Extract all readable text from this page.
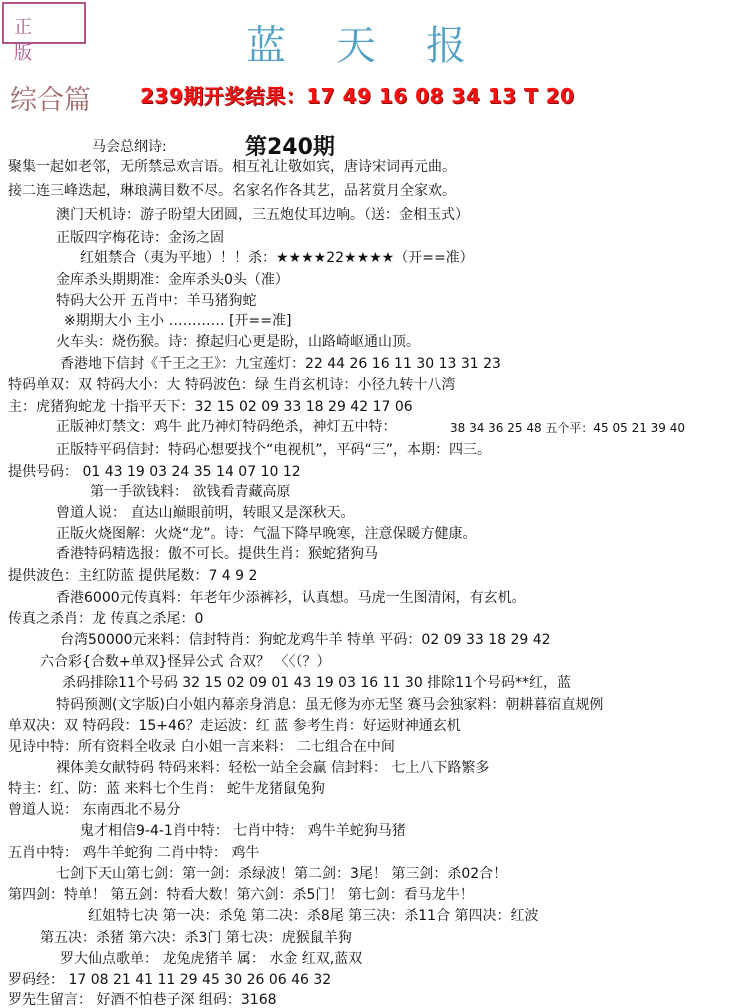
正 版	蓝天报
综合篇 239期开奖结果：17 49 16 08 34 13 T 20
第240期
马会总纲诗:
聚集一起如老邻，无所禁忌欢言语。相互礼让敬如宾，唐诗宋词再元曲。
接二连三峰迭起，琳琅满目数不尽。名家名作各其艺，品茗赏月全家欢。
澳门天机诗：游子盼望大团圆，三五炮仗耳边响。（送：金相玉式）
正版四字梅花诗：金汤之固
红姐禁合（夷为平地）！！杀：★★★★22★★★★（开==准）
金库杀头期期准：金库杀头0头（准）
特码大公开 五肖中：羊马猪狗蛇
※期期大小 主小 ………… [开==准]
火车头：烧伤猴。诗：撩起归心更是盼，山路崎岖通山顶。
香港地下信封《千王之王》：九宝莲灯：22 44 26 16 11 30 13 31 23
特码单双：双 特码大小：大 特码波色：绿 生肖玄机诗：小径九转十八湾
主：虎猪狗蛇龙 十指平天下：32 15 02 09 33 18 29 42 17 06
正版神灯禁文：鸡牛 此乃神灯特码绝杀，神灯五中特：	38 34 36 25 48 五个平：45 05 21 39 40
正版特平码信封：特码心想要找个“电视机”，平码“三”，本期：四三。
提供号码： 01 43 19 03 24 35 14 07 10 12
第一手欲钱料： 欲钱看青藏高原
曾道人说： 直达山巅眼前明，转眼又是深秋天。
正版火烧图解：火烧“龙”。诗：气温下降早晚寒，注意保暖方健康。
香港特码精选报：傲不可长。提供生肖：猴蛇猪狗马
提供波色：主红防蓝 提供尾数：7 4 9 2
香港6000元传真料：年老年少添裤衫，认真想。马虎一生图清闲，有玄机。
传真之杀肖：龙 传真之杀尾：0
台湾50000元来料：信封特肖：狗蛇龙鸡牛羊 特单 平码：02 09 33 18 29 42
六合彩{合数+单双}怪异公式 合双？ 〈〈（？）
杀码排除11个号码 32 15 02 09 01 43 19 03 16 11 30 排除11个号码**红，蓝
特码预测(文字版)白小姐内幕亲身消息：虽无修为亦无坚 赛马会独家料：朝耕暮宿直规例
单双决：双 特码段：15+46？走运波：红 蓝 参考生肖：好运财神通玄机
见诗中特：所有资料全收录 白小姐一言来料： 二七组合在中间
裸体美女献特码 特码来料：轻松一站全会赢 信封料： 七上八下路繁多
特主：红、防：蓝 来料七个生肖： 蛇牛龙猪鼠兔狗
曾道人说： 东南西北不易分
鬼才相信9-4-1肖中特： 七肖中特： 鸡牛羊蛇狗马猪
五肖中特： 鸡牛羊蛇狗 二肖中特： 鸡牛
七剑下天山第七剑：第一剑：杀绿波！第二剑：3尾！ 第三剑：杀02合！
第四剑：特单！ 第五剑：特看大数！第六剑：杀5门！ 第七剑：看马龙牛！
红姐特七决 第一决：杀兔 第二决：杀8尾 第三决：杀11合 第四决：红波
第五决：杀猪 第六决：杀3门 第七决：虎猴鼠羊狗
罗大仙点歌单： 龙兔虎猪羊 属： 水金 红双,蓝双
罗码经： 17 08 21 41 11 29 45 30 26 06 46 32
罗先生留言： 好酒不怕巷子深 组码：3168
